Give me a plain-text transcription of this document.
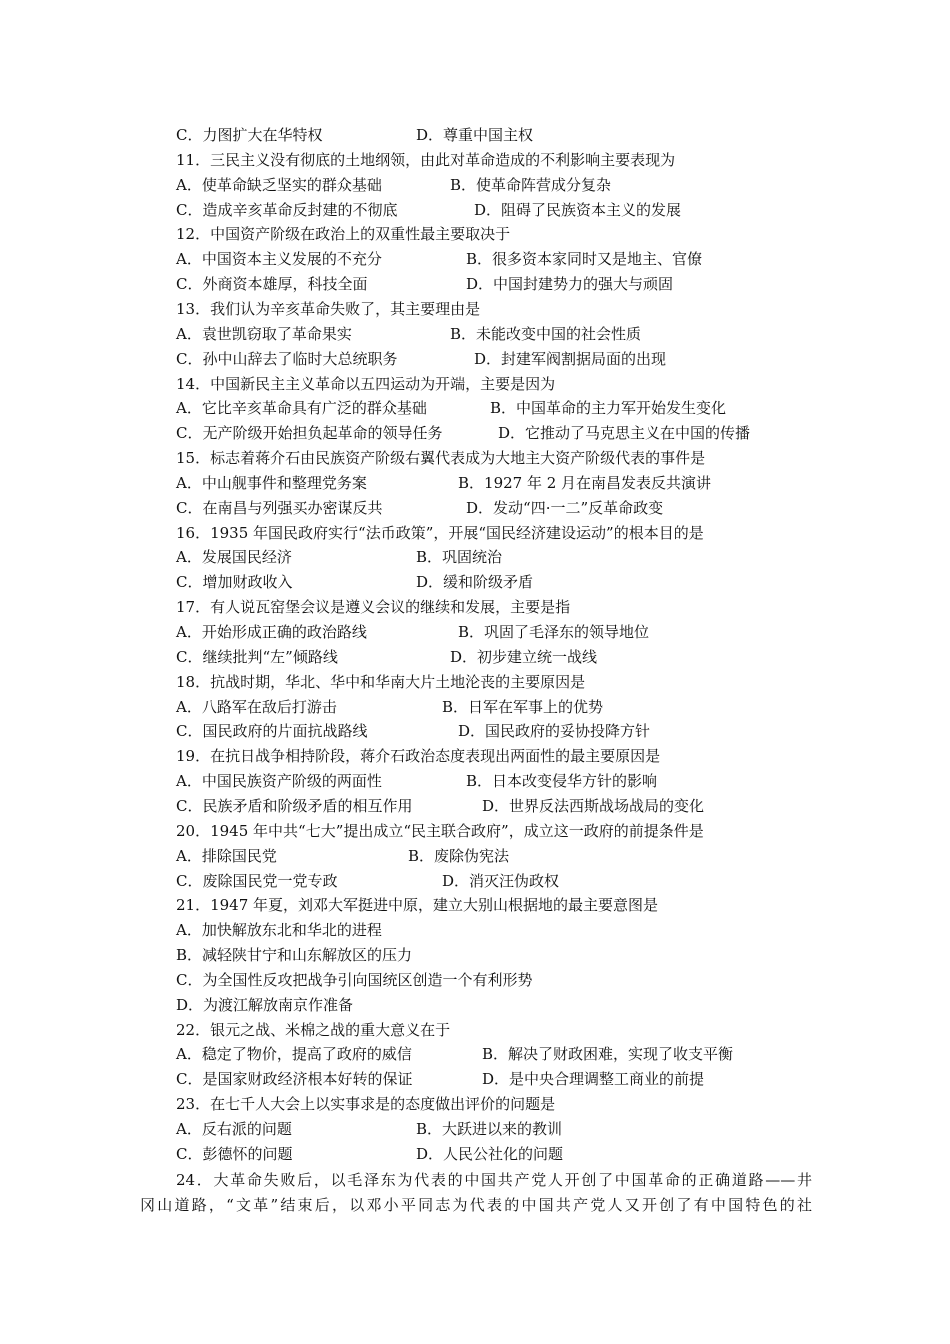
C．力图扩大在华特权	D．尊重中国主权
11．三民主义没有彻底的土地纲领，由此对革命造成的不利影响主要表现为
A．使革命缺乏坚实的群众基础	B．使革命阵营成分复杂
C．造成辛亥革命反封建的不彻底	D．阻碍了民族资本主义的发展
12．中国资产阶级在政治上的双重性最主要取决于
A．中国资本主义发展的不充分	B．很多资本家同时又是地主、官僚
C．外商资本雄厚，科技全面	D．中国封建势力的强大与顽固
13．我们认为辛亥革命失败了，其主要理由是
A．袁世凯窃取了革命果实	B．未能改变中国的社会性质
C．孙中山辞去了临时大总统职务	D．封建军阀割据局面的出现
14．中国新民主主义革命以五四运动为开端，主要是因为
A．它比辛亥革命具有广泛的群众基础	B．中国革命的主力军开始发生变化
C．无产阶级开始担负起革命的领导任务	D．它推动了马克思主义在中国的传播
15．标志着蒋介石由民族资产阶级右翼代表成为大地主大资产阶级代表的事件是
A．中山舰事件和整理党务案	B．1927 年 2 月在南昌发表反共演讲
C．在南昌与列强买办密谋反共	D．发动“四·一二”反革命政变
16．1935 年国民政府实行“法币政策”，开展“国民经济建设运动”的根本目的是
A．发展国民经济	B．巩固统治
C．增加财政收入	D．缓和阶级矛盾
17．有人说瓦窑堡会议是遵义会议的继续和发展，主要是指
A．开始形成正确的政治路线	B．巩固了毛泽东的领导地位
C．继续批判“左”倾路线	D．初步建立统一战线
18．抗战时期，华北、华中和华南大片土地沦丧的主要原因是
A．八路军在敌后打游击	B．日军在军事上的优势
C．国民政府的片面抗战路线	D．国民政府的妥协投降方针
19．在抗日战争相持阶段，蒋介石政治态度表现出两面性的最主要原因是
A．中国民族资产阶级的两面性	B．日本改变侵华方针的影响
C．民族矛盾和阶级矛盾的相互作用	D．世界反法西斯战场战局的变化
20．1945 年中共“七大”提出成立“民主联合政府”，成立这一政府的前提条件是
A．排除国民党	B．废除伪宪法
C．废除国民党一党专政	D．消灭汪伪政权
21．1947 年夏，刘邓大军挺进中原，建立大别山根据地的最主要意图是
A．加快解放东北和华北的进程
B．减轻陕甘宁和山东解放区的压力
C．为全国性反攻把战争引向国统区创造一个有利形势
D．为渡江解放南京作准备
22．银元之战、米棉之战的重大意义在于
A．稳定了物价，提高了政府的威信	B．解决了财政困难，实现了收支平衡
C．是国家财政经济根本好转的保证	D．是中央合理调整工商业的前提
23．在七千人大会上以实事求是的态度做出评价的问题是
A．反右派的问题	B．大跃进以来的教训
C．彭德怀的问题	D．人民公社化的问题
24．大革命失败后，以毛泽东为代表的中国共产党人开创了中国革命的正确道路——井
冈山道路，“文革”结束后，以邓小平同志为代表的中国共产党人又开创了有中国特色的社
